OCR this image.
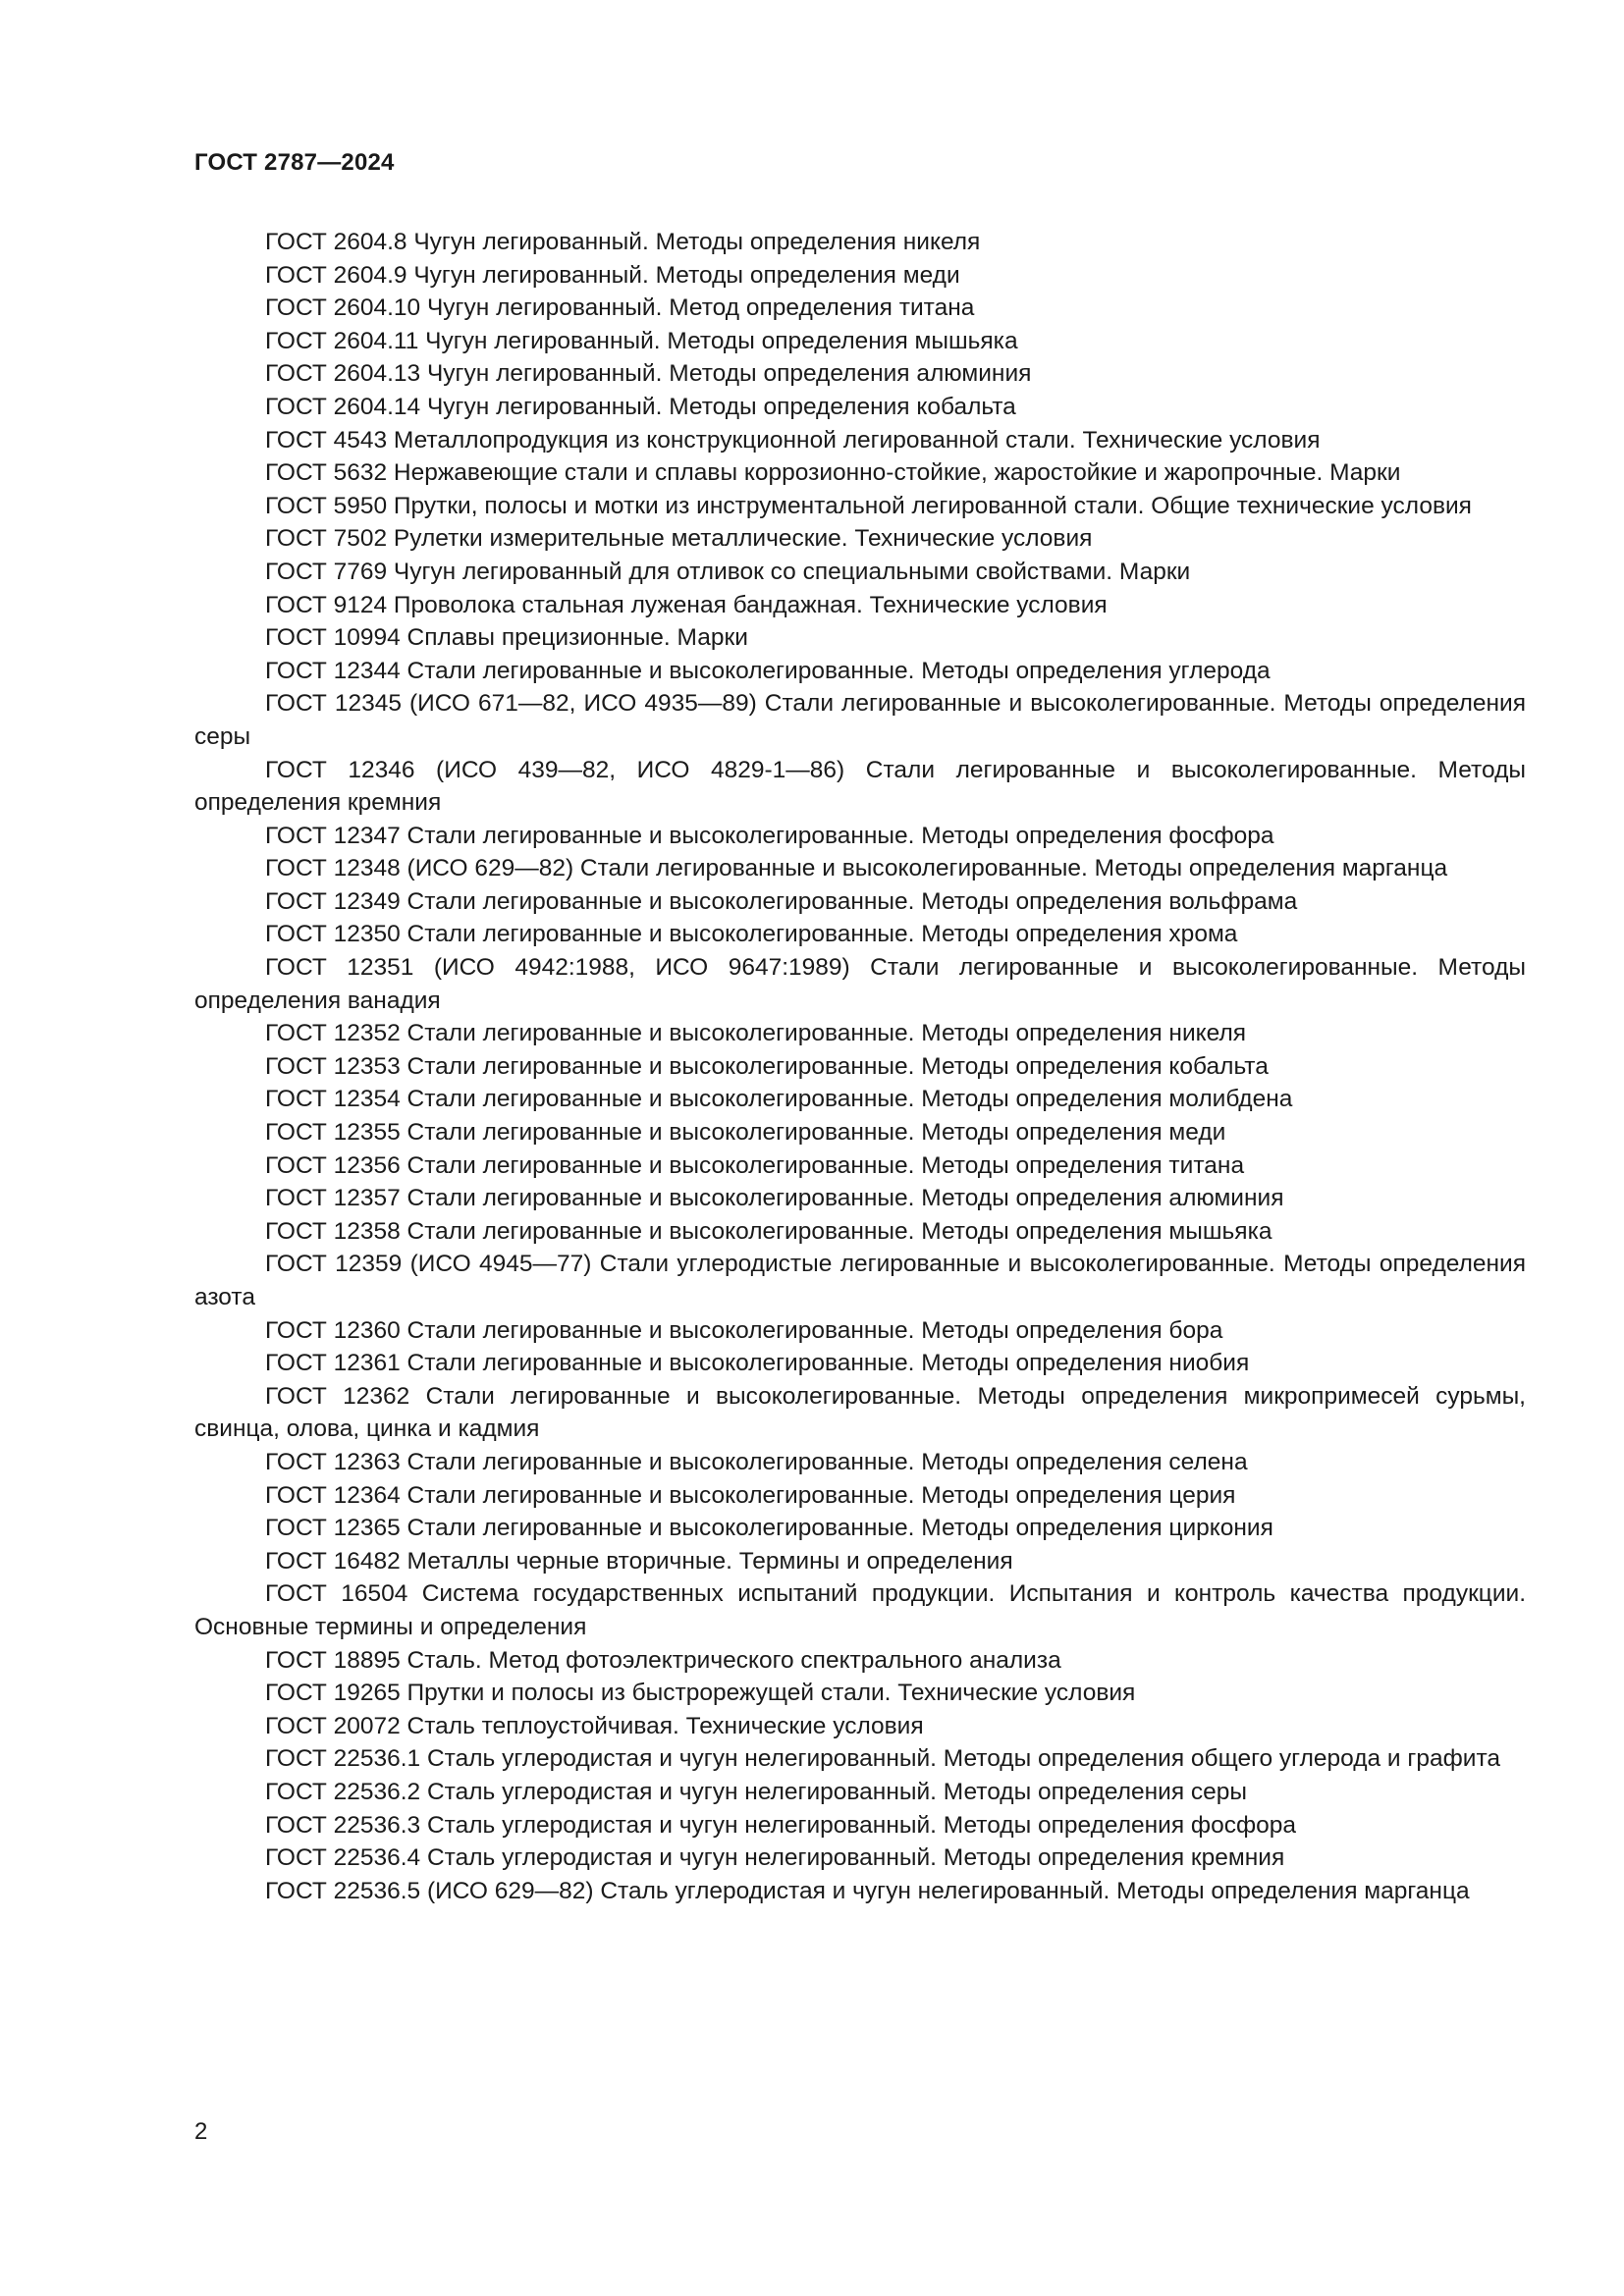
ГОСТ 2787—2024
ГОСТ 2604.8 Чугун легированный. Методы определения никеля
ГОСТ 2604.9 Чугун легированный. Методы определения меди
ГОСТ 2604.10 Чугун легированный. Метод определения титана
ГОСТ 2604.11 Чугун легированный. Методы определения мышьяка
ГОСТ 2604.13 Чугун легированный. Методы определения алюминия
ГОСТ 2604.14 Чугун легированный. Методы определения кобальта
ГОСТ 4543 Металлопродукция из конструкционной легированной стали. Технические условия
ГОСТ 5632 Нержавеющие стали и сплавы коррозионно-стойкие, жаростойкие и жаропрочные. Марки
ГОСТ 5950 Прутки, полосы и мотки из инструментальной легированной стали. Общие технические условия
ГОСТ 7502 Рулетки измерительные металлические. Технические условия
ГОСТ 7769 Чугун легированный для отливок со специальными свойствами. Марки
ГОСТ 9124 Проволока стальная луженая бандажная. Технические условия
ГОСТ 10994 Сплавы прецизионные. Марки
ГОСТ 12344 Стали легированные и высоколегированные. Методы определения углерода
ГОСТ 12345 (ИСО 671—82, ИСО 4935—89) Стали легированные и высоколегированные. Методы определения серы
ГОСТ 12346 (ИСО 439—82, ИСО 4829-1—86) Стали легированные и высоколегированные. Методы определения кремния
ГОСТ 12347 Стали легированные и высоколегированные. Методы определения фосфора
ГОСТ 12348 (ИСО 629—82) Стали легированные и высоколегированные. Методы определения марганца
ГОСТ 12349 Стали легированные и высоколегированные. Методы определения вольфрама
ГОСТ 12350 Стали легированные и высоколегированные. Методы определения хрома
ГОСТ 12351 (ИСО 4942:1988, ИСО 9647:1989) Стали легированные и высоколегированные. Методы определения ванадия
ГОСТ 12352 Стали легированные и высоколегированные. Методы определения никеля
ГОСТ 12353 Стали легированные и высоколегированные. Методы определения кобальта
ГОСТ 12354 Стали легированные и высоколегированные. Методы определения молибдена
ГОСТ 12355 Стали легированные и высоколегированные. Методы определения меди
ГОСТ 12356 Стали легированные и высоколегированные. Методы определения титана
ГОСТ 12357 Стали легированные и высоколегированные. Методы определения алюминия
ГОСТ 12358 Стали легированные и высоколегированные. Методы определения мышьяка
ГОСТ 12359 (ИСО 4945—77) Стали углеродистые легированные и высоколегированные. Методы определения азота
ГОСТ 12360 Стали легированные и высоколегированные. Методы определения бора
ГОСТ 12361 Стали легированные и высоколегированные. Методы определения ниобия
ГОСТ 12362 Стали легированные и высоколегированные. Методы определения микропримесей сурьмы, свинца, олова, цинка и кадмия
ГОСТ 12363 Стали легированные и высоколегированные. Методы определения селена
ГОСТ 12364 Стали легированные и высоколегированные. Методы определения церия
ГОСТ 12365 Стали легированные и высоколегированные. Методы определения циркония
ГОСТ 16482 Металлы черные вторичные. Термины и определения
ГОСТ 16504 Система государственных испытаний продукции. Испытания и контроль качества продукции. Основные термины и определения
ГОСТ 18895 Сталь. Метод фотоэлектрического спектрального анализа
ГОСТ 19265 Прутки и полосы из быстрорежущей стали. Технические условия
ГОСТ 20072 Сталь теплоустойчивая. Технические условия
ГОСТ 22536.1 Сталь углеродистая и чугун нелегированный. Методы определения общего углерода и графита
ГОСТ 22536.2 Сталь углеродистая и чугун нелегированный. Методы определения серы
ГОСТ 22536.3 Сталь углеродистая и чугун нелегированный. Методы определения фосфора
ГОСТ 22536.4 Сталь углеродистая и чугун нелегированный. Методы определения кремния
ГОСТ 22536.5 (ИСО 629—82) Сталь углеродистая и чугун нелегированный. Методы определения марганца
2
